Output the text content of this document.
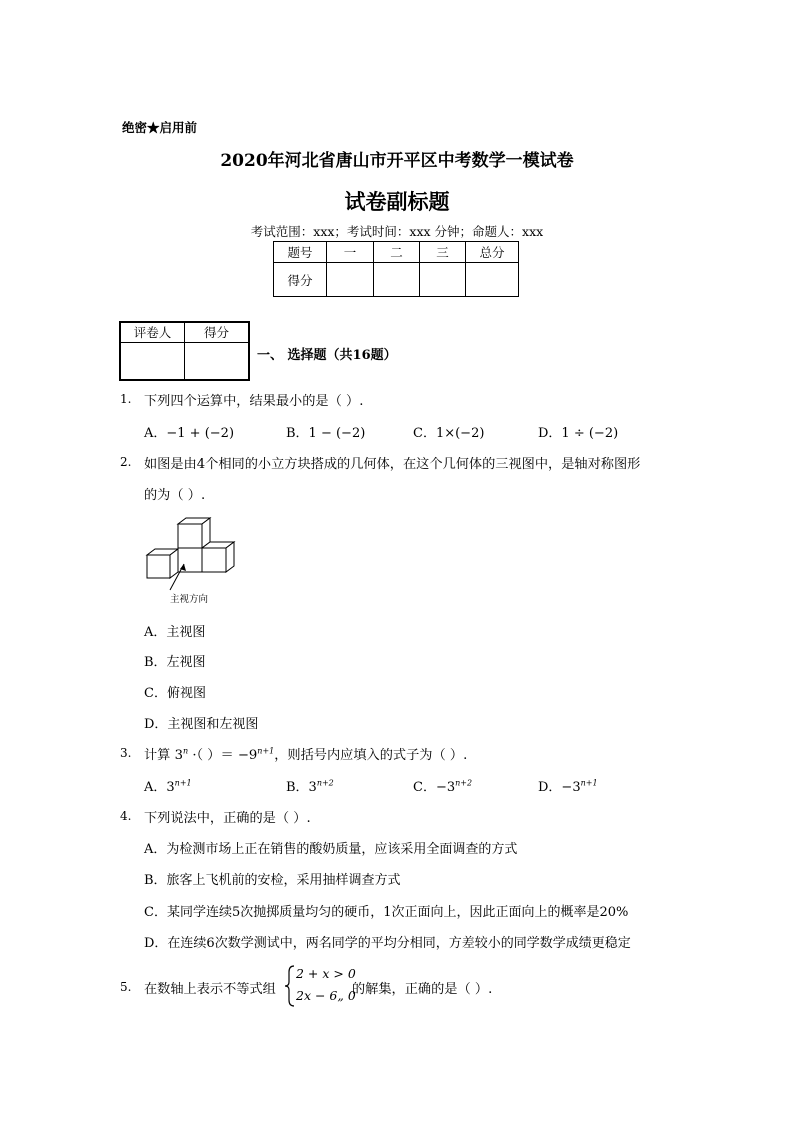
绝密★启用前
2020年河北省唐山市开平区中考数学一模试卷
试卷副标题
考试范围：xxx；考试时间：xxx 分钟；命题人：xxx
题号	一	二	三	总分
得分				
评卷人	得分

一、 选择题（共16题）
1. 下列四个运算中，结果最小的是（ ）.
A．−1 + (−2)	B．1 − (−2)	C．1×(−2)	D．1 ÷ (−2)
2. 如图是由4个相同的小立方块搭成的几何体，在这个几何体的三视图中，是轴对称图形
的为（ ）.
主视方向
A．主视图
B．左视图
C．俯视图
D．主视图和左视图
3. 计算 $3^n$ ·（ ）＝ $-9^{n+1}$，则括号内应填入的式子为（ ）.
A．$3^{n+1}$	B．$3^{n+2}$	C．$-3^{n+2}$	D．$-3^{n+1}$
4. 下列说法中，正确的是（ ）.
A．为检测市场上正在销售的酸奶质量，应该采用全面调查的方式
B．旅客上飞机前的安检，采用抽样调查方式
C．某同学连续5次抛掷质量均匀的硬币，1次正面向上，因此正面向上的概率是20%
D．在连续6次数学测试中，两名同学的平均分相同，方差较小的同学数学成绩更稳定
5. 在数轴上表示不等式组
2 + x > 0
2x − 6„ 0
的解集，正确的是（ ）.
